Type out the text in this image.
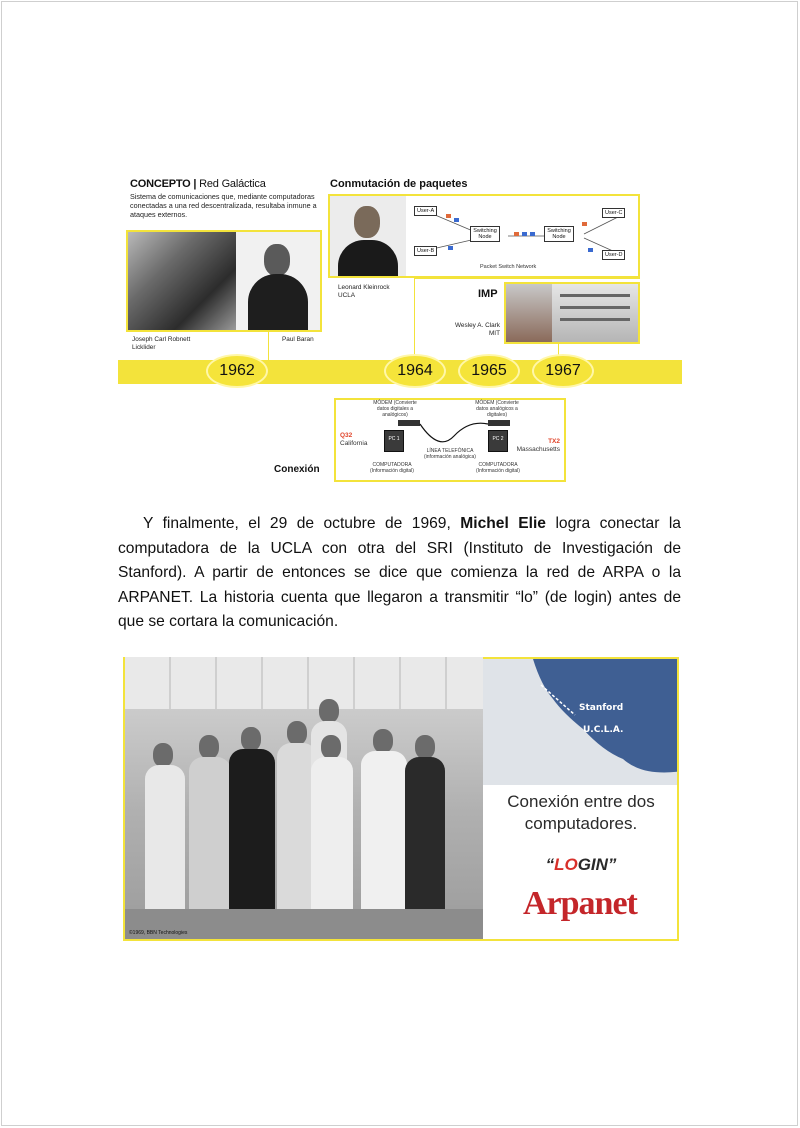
CONCEPTO | Red Galáctica
Sistema de comunicaciones que, mediante computadoras conectadas a una red descentralizada, resultaba inmune a ataques externos.
Joseph Carl Robnett Licklider
Paul Baran
Conmutación de paquetes
User-A
User-B
Switching Node
Switching Node
User-C
User-D
Packet Switch Network
Leonard Kleinrock UCLA	IMP
Wesley A. Clark MIT
1962	1964	1965	1967
Conexión
MÓDEM (Convierte datos digitales a analógicos)
MÓDEM (Convierte datos analógicos a digitales)
PC 1	PC 2
LÍNEA TELEFÓNICA (información analógica)
COMPUTADORA (Información digital)
COMPUTADORA (Información digital)
Q32
California	TX2
Massachusetts

Y finalmente, el 29 de octubre de 1969, Michel Elie logra conectar la computadora de la UCLA con otra del SRI (Instituto de Investigación de Stanford). A partir de entonces se dice que comienza la red de ARPA o la ARPANET. La historia cuenta que llegaron a transmitir “lo” (de login) antes de que se cortara la comunicación.

©1969, BBN Technologies
Stanford
U.C.L.A.
Conexión entre dos computadores.
“LOGIN”
Arpanet
